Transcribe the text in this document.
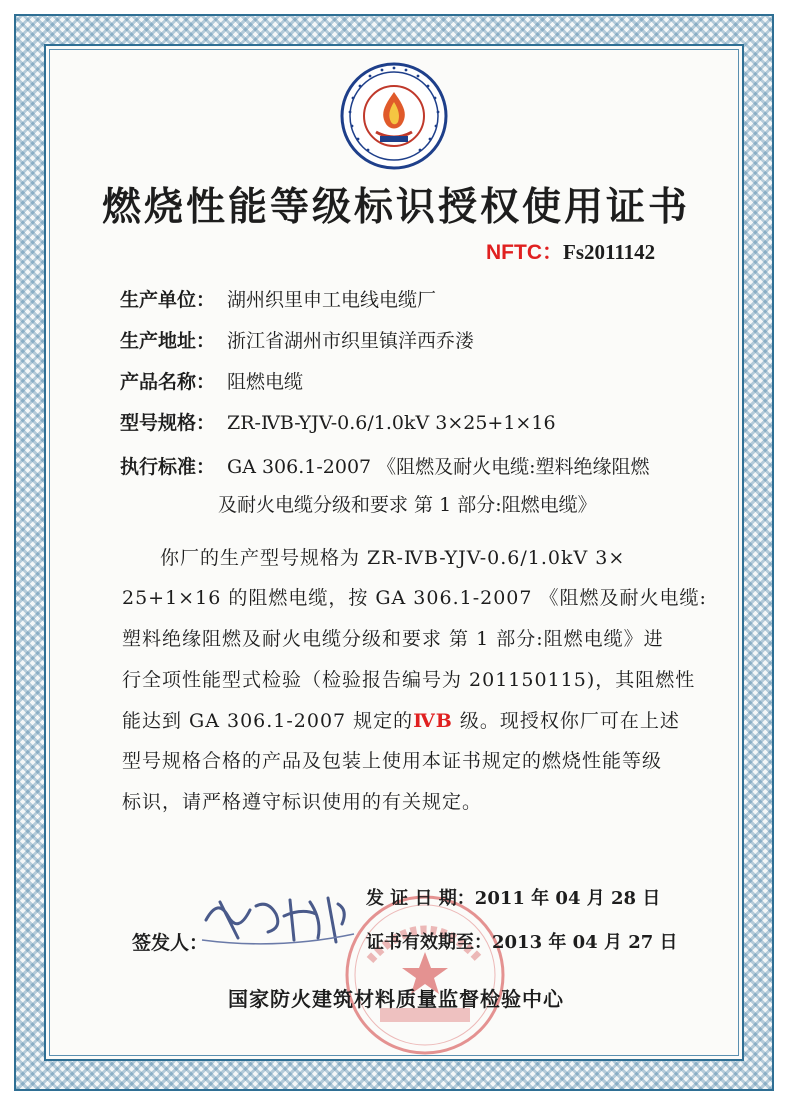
燃烧性能等级标识授权使用证书
NFTC：Fs2011142
生产单位： 湖州织里申工电线电缆厂
生产地址： 浙江省湖州市织里镇洋西乔溇
产品名称： 阻燃电缆
型号规格： ZR-ⅣB-YJV-0.6/1.0kV 3×25+1×16
执行标准： GA 306.1-2007 《阻燃及耐火电缆:塑料绝缘阻燃
及耐火电缆分级和要求 第 1 部分:阻燃电缆》
你厂的生产型号规格为 ZR-ⅣB-YJV-0.6/1.0kV 3×
25+1×16 的阻燃电缆，按 GA 306.1-2007 《阻燃及耐火电缆:
塑料绝缘阻燃及耐火电缆分级和要求 第 1 部分:阻燃电缆》进
行全项性能型式检验（检验报告编号为 201150115)，其阻燃性
能达到 GA 306.1-2007 规定的ⅣB 级。现授权你厂可在上述
型号规格合格的产品及包装上使用本证书规定的燃烧性能等级
标识，请严格遵守标识使用的有关规定。
发 证 日 期：2011 年 04 月 28 日
证书有效期至：2013 年 04 月 27 日
签发人：
国家防火建筑材料质量监督检验中心
